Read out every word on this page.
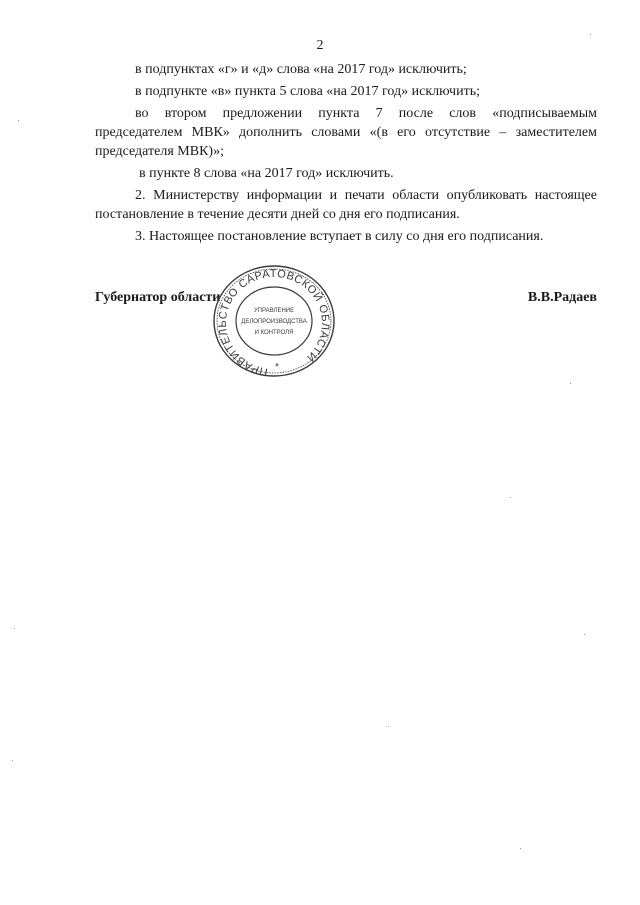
2

в подпунктах «г» и «д» слова «на 2017 год» исключить;

в подпункте «в» пункта 5 слова «на 2017 год» исключить;

во втором предложении пункта 7 после слов «подписываемым председателем МВК» дополнить словами «(в его отсутствие – заместителем председателя МВК)»;

в пункте 8 слова «на 2017 год» исключить.

2. Министерству информации и печати области опубликовать настоящее постановление в течение десяти дней со дня его подписания.

3. Настоящее постановление вступает в силу со дня его подписания.

Губернатор области	В.В.Радаев
ПРАВИТЕЛЬСТВО САРАТОВСКОЙ ОБЛАСТИ
УПРАВЛЕНИЕ
ДЕЛОПРОИЗВОДСТВА
И КОНТРОЛЯ
*
